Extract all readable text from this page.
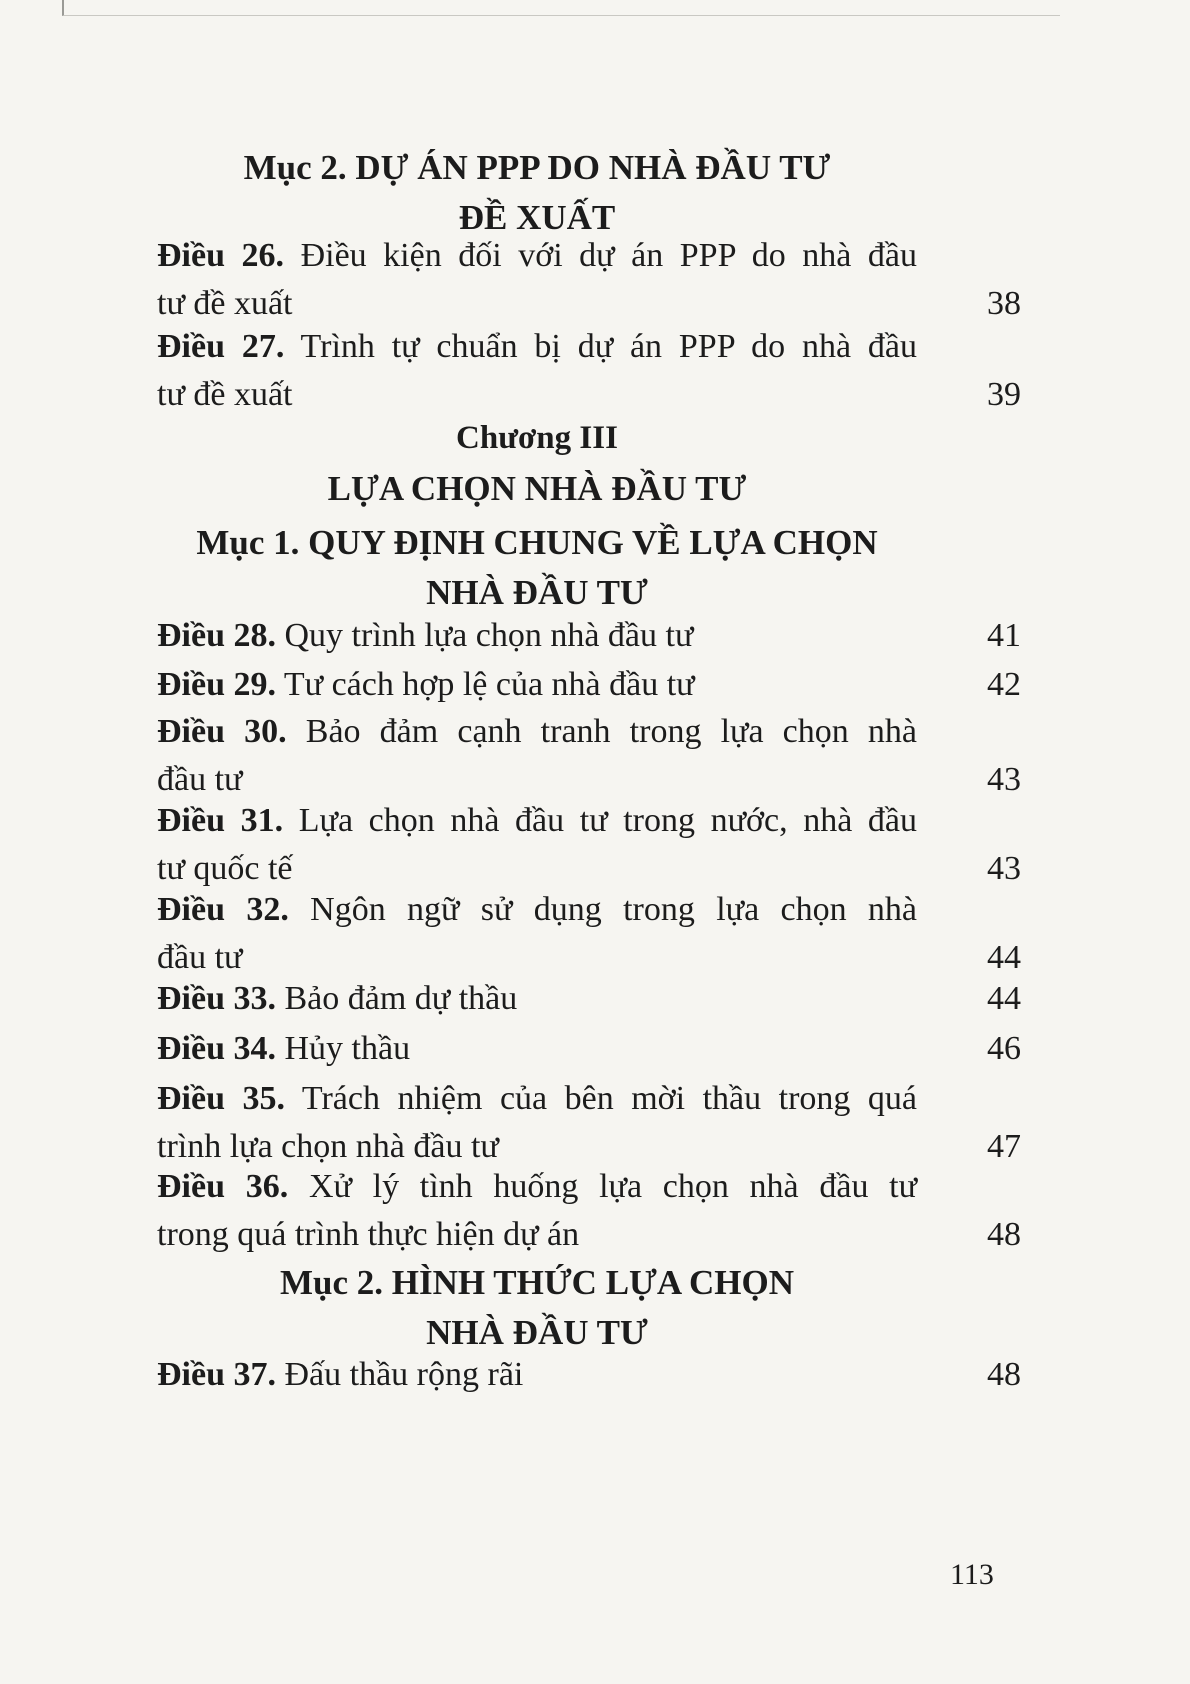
Mục 2. DỰ ÁN PPP DO NHÀ ĐẦU TƯ
ĐỀ XUẤT
Điều 26. Điều kiện đối với dự án PPP do nhà đầu
tư đề xuất	38
Điều 27. Trình tự chuẩn bị dự án PPP do nhà đầu
tư đề xuất	39
Chương III
LỰA CHỌN NHÀ ĐẦU TƯ
Mục 1. QUY ĐỊNH CHUNG VỀ LỰA CHỌN
NHÀ ĐẦU TƯ
Điều 28. Quy trình lựa chọn nhà đầu tư	41
Điều 29. Tư cách hợp lệ của nhà đầu tư	42
Điều 30. Bảo đảm cạnh tranh trong lựa chọn nhà
đầu tư	43
Điều 31. Lựa chọn nhà đầu tư trong nước, nhà đầu
tư quốc tế	43
Điều 32. Ngôn ngữ sử dụng trong lựa chọn nhà
đầu tư	44
Điều 33. Bảo đảm dự thầu	44
Điều 34. Hủy thầu	46
Điều 35. Trách nhiệm của bên mời thầu trong quá
trình lựa chọn nhà đầu tư	47
Điều 36. Xử lý tình huống lựa chọn nhà đầu tư
trong quá trình thực hiện dự án	48
Mục 2. HÌNH THỨC LỰA CHỌN
NHÀ ĐẦU TƯ
Điều 37. Đấu thầu rộng rãi	48
113
